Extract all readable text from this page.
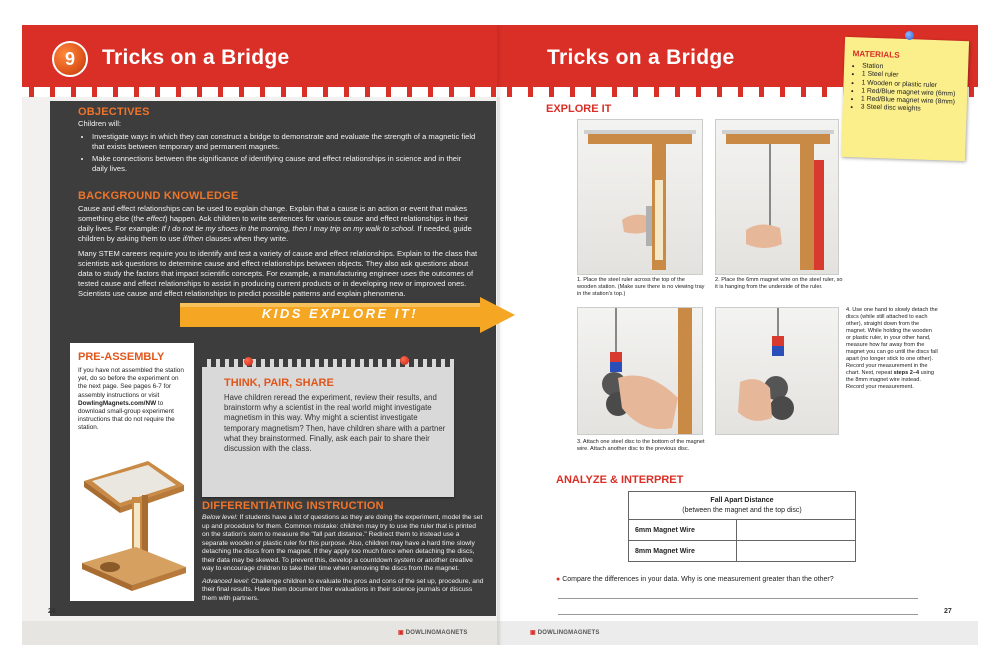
9	Tricks on a Bridge
OBJECTIVES
Children will:
• Investigate ways in which they can construct a bridge to demonstrate and evaluate the strength of a magnetic field that exists between temporary and permanent magnets.
• Make connections between the significance of identifying cause and effect relationships in science and in their daily lives.
BACKGROUND KNOWLEDGE
Cause and effect relationships can be used to explain change. Explain that a cause is an action or event that makes something else (the effect) happen. Ask children to write sentences for various cause and effect relationships in their daily lives. For example: If I do not tie my shoes in the morning, then I may trip on my walk to school. If needed, guide children by asking them to use if/then clauses when they write.
Many STEM careers require you to identify and test a variety of cause and effect relationships. Explain to the class that scientists ask questions to determine cause and effect relationships between objects. They also ask questions about data to study the factors that impact scientific concepts. For example, a manufacturing engineer uses the outcomes of tested cause and effect relationships to assist in producing current products or in developing new or improved ones. Scientists use cause and effect relationships to predict possible patterns and explain phenomena.
PRE-ASSEMBLY
If you have not assembled the station yet, do so before the experiment on the next page. See pages 6-7 for assembly instructions or visit DowlingMagnets.com/NW to download small-group experiment instructions that do not require the station.
THINK, PAIR, SHARE
Have children reread the experiment, review their results, and brainstorm why a scientist in the real world might investigate magnetism in this way. Why might a scientist investigate temporary magnetism? Then, have children share with a partner what they brainstormed. Finally, ask each pair to share their discussion with the class.
DIFFERENTIATING INSTRUCTION
Below level: If students have a lot of questions as they are doing the experiment, model the set up and procedure for them. Common mistake: children may try to use the ruler that is printed on the station's stem to measure the "fall part distance." Redirect them to instead use a separate wooden or plastic ruler for this purpose. Also, children may have a hard time slowly detaching the discs from the magnet. If they apply too much force when detaching the discs, their data may be skewed. To prevent this, develop a countdown system or another creative way to encourage children to take their time when removing the discs from the magnet.
Advanced level: Challenge children to evaluate the pros and cons of the set up, procedure, and their final results. Have them document their evaluations in their science journals or discuss them with partners.
26
▣ DOWLINGMAGNETS
Tricks on a Bridge
EXPLORE IT
1. Place the steel ruler across the top of the wooden station. (Make sure there is no viewing tray in the station's top.)
2. Place the 6mm magnet wire on the steel ruler, so it is hanging from the underside of the ruler.
3. Attach one steel disc to the bottom of the magnet wire. Attach another disc to the previous disc.
4. Use one hand to slowly detach the discs (while still attached to each other), straight down from the magnet. While holding the wooden or plastic ruler, in your other hand, measure how far away from the magnet you can go until the discs fall apart (no longer stick to one other). Record your measurement in the chart. Next, repeat steps 2–4 using the 8mm magnet wire instead. Record your measurement.
ANALYZE & INTERPRET
Fall Apart Distance
(between the magnet and the top disc)	
6mm Magnet Wire	
8mm Magnet Wire	
● Compare the differences in your data. Why is one measurement greater than the other?
27
▣ DOWLINGMAGNETS
KIDS EXPLORE IT!
MATERIALS
• Station
• 1 Steel ruler
• 1 Wooden or plastic ruler
• 1 Red/Blue magnet wire (6mm)
• 1 Red/Blue magnet wire (8mm)
• 3 Steel disc weights
